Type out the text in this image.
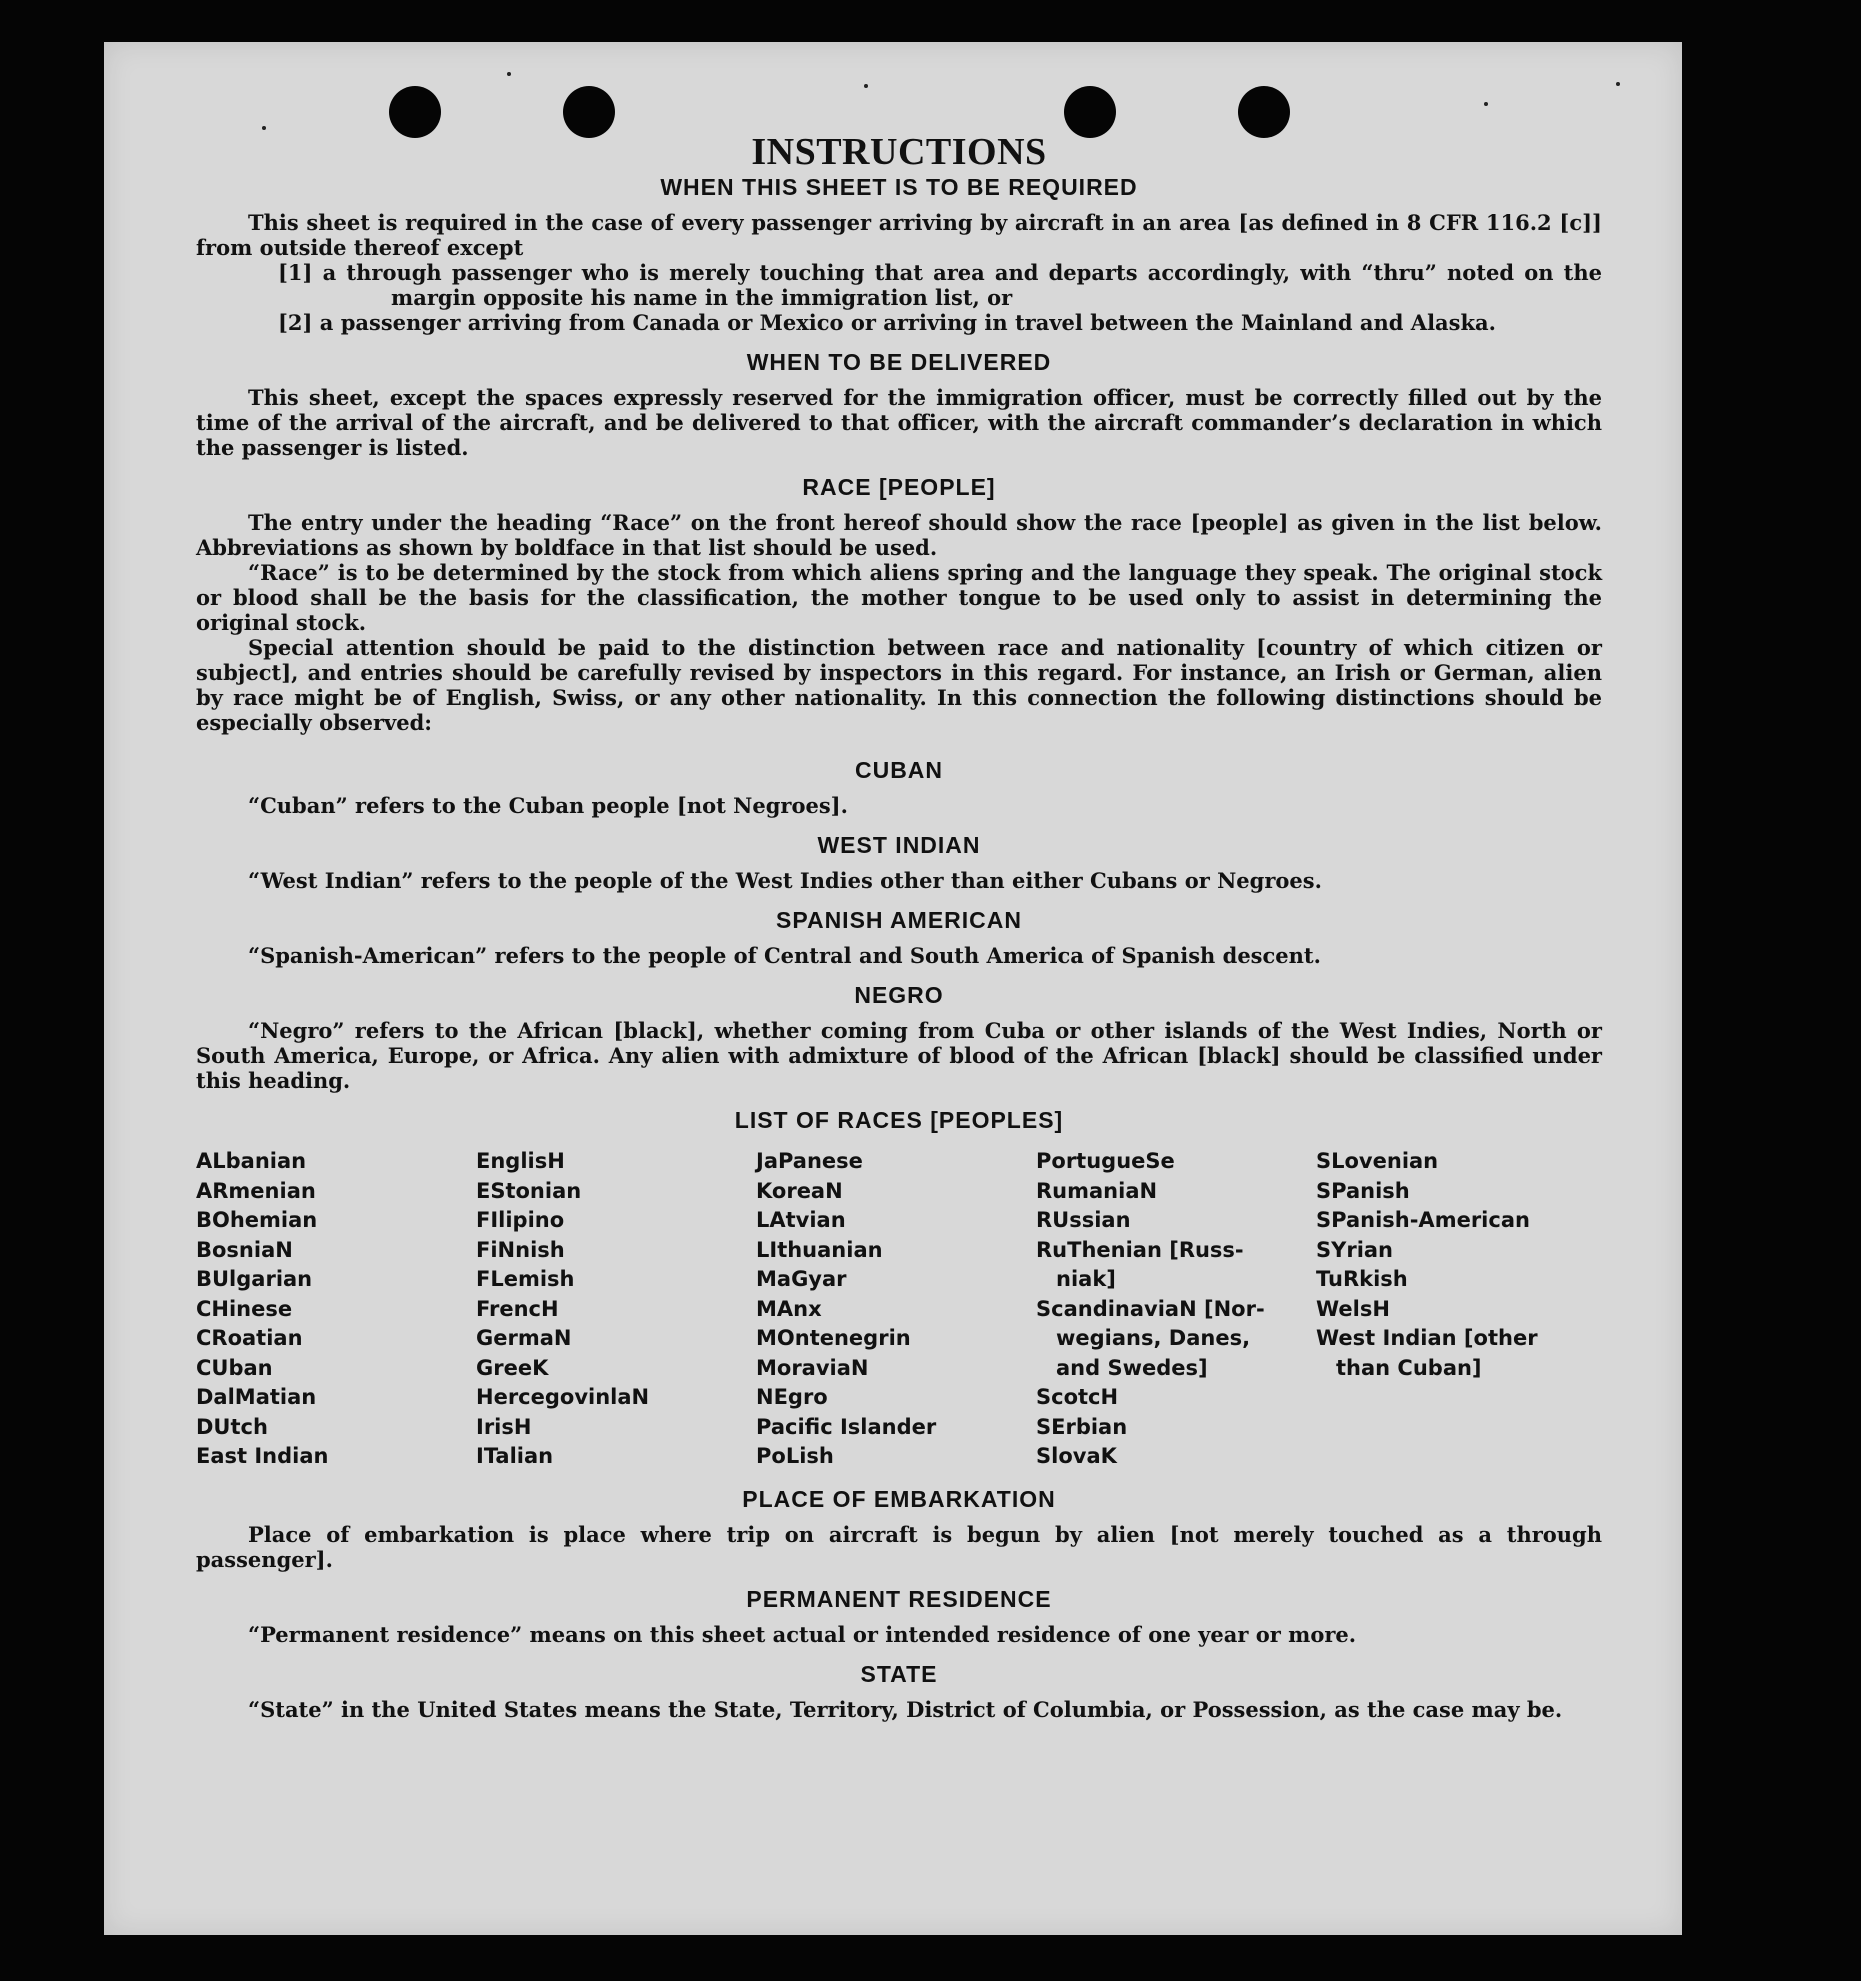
INSTRUCTIONS
WHEN THIS SHEET IS TO BE REQUIRED

This sheet is required in the case of every passenger arriving by aircraft in an area [as defined in 8 CFR 116.2 [c]] from outside thereof except

[1] a through passenger who is merely touching that area and departs accordingly, with “thru” noted on the margin opposite his name in the immigration list, or

[2] a passenger arriving from Canada or Mexico or arriving in travel between the Mainland and Alaska.

WHEN TO BE DELIVERED

This sheet, except the spaces expressly reserved for the immigration officer, must be correctly filled out by the time of the arrival of the aircraft, and be delivered to that officer, with the aircraft commander’s declaration in which the passenger is listed.

RACE [PEOPLE]

The entry under the heading “Race” on the front hereof should show the race [people] as given in the list below. Abbreviations as shown by boldface in that list should be used.

“Race” is to be determined by the stock from which aliens spring and the language they speak. The original stock or blood shall be the basis for the classification, the mother tongue to be used only to assist in determining the original stock.

Special attention should be paid to the distinction between race and nationality [country of which citizen or subject], and entries should be carefully revised by inspectors in this regard. For instance, an Irish or German, alien by race might be of English, Swiss, or any other nationality. In this connection the following distinctions should be especially observed:

CUBAN

“Cuban” refers to the Cuban people [not Negroes].

WEST INDIAN

“West Indian” refers to the people of the West Indies other than either Cubans or Negroes.

SPANISH AMERICAN

“Spanish-American” refers to the people of Central and South America of Spanish descent.

NEGRO

“Negro” refers to the African [black], whether coming from Cuba or other islands of the West Indies, North or South America, Europe, or Africa. Any alien with admixture of blood of the African [black] should be classified under this heading.

LIST OF RACES [PEOPLES]
ALbanian
ARmenian
BOhemian
BosniaN
BUlgarian
CHinese
CRoatian
CUban
DalMatian
DUtch
East Indian
EnglisH
EStonian
FIlipino
FiNnish
FLemish
FrencH
GermaN
GreeK
HercegovinlaN
IrisH
ITalian
JaPanese
KoreaN
LAtvian
LIthuanian
MaGyar
MAnx
MOntenegrin
MoraviaN
NEgro
Pacific Islander
PoLish
PortugueSe
RumaniaN
RUssian
RuThenian [Russ-
niak]
ScandinaviaN [Nor-
wegians, Danes,
and Swedes]
ScotcH
SErbian
SlovaK
SLovenian
SPanish
SPanish-American
SYrian
TuRkish
WelsH
West Indian [other
than Cuban]
PLACE OF EMBARKATION

Place of embarkation is place where trip on aircraft is begun by alien [not merely touched as a through passenger].

PERMANENT RESIDENCE

“Permanent residence” means on this sheet actual or intended residence of one year or more.

STATE

“State” in the United States means the State, Territory, District of Columbia, or Possession, as the case may be.
